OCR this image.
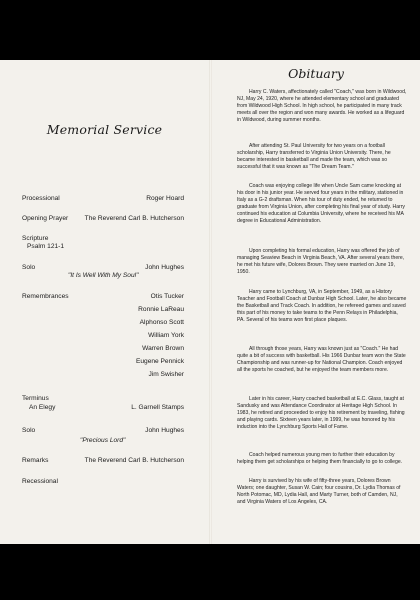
Memorial Service
Processional	Roger Hoard
Opening Prayer The Reverend Carl B. Hutcherson
Scripture
Psalm 121-1
Solo	John Hughes
"It Is Well With My Soul"
Remembrances	Otis Tucker
Ronnie LaReau
Alphonso Scott
William York
Warren Brown
Eugene Pennick
Jim Swisher
Terminus
An Elegy	L. Garnell Stamps
Solo	John Hughes
"Precious Lord"
Remarks	The Reverend Carl B. Hutcherson
Recessional
Obituary

Harry C. Waters, affectionately called "Coach," was born in Wildwood, NJ, May 24, 1920, where he attended elementary school and graduated from Wildwood High School. In high school, he participated in many track meets all over the region and won many awards. He worked as a lifeguard in Wildwood, during summer months.

After attending St. Paul University for two years on a football scholarship, Harry transferred to Virginia Union University. There, he became interested in basketball and made the team, which was so successful that it was known as "The Dream Team."

Coach was enjoying college life when Uncle Sam came knocking at his door in his junior year. He served four years in the military, stationed in Italy as a G-2 draftsman. When his tour of duty ended, he returned to graduate from Virginia Union, after completing his final year of study. Harry continued his education at Columbia University, where he received his MA degree in Educational Administration.

Upon completing his formal education, Harry was offered the job of managing Seaview Beach in Virginia Beach, VA. After several years there, he met his future wife, Dolores Brown. They were married on June 19, 1950.

Harry came to Lynchburg, VA, in September, 1949, as a History Teacher and Football Coach at Dunbar High School. Later, he also became the Basketball and Track Coach. In addition, he refereed games and saved this part of his money to take teams to the Penn Relays in Philadelphia, PA. Several of his teams won first place plaques.

All through those years, Harry was known just as "Coach." He had quite a bit of success with basketball. His 1966 Dunbar team won the State Championship and was runner-up for National Champion. Coach enjoyed all the sports he coached, but he enjoyed the team members more.

Later in his career, Harry coached basketball at E.C. Glass, taught at Sandusky and was Attendance Coordinator at Heritage High School. In 1983, he retired and proceeded to enjoy his retirement by traveling, fishing and playing cards. Sixteen years later, in 1999, he was honored by his induction into the Lynchburg Sports Hall of Fame.

Coach helped numerous young men to further their education by helping them get scholarships or helping them financially to go to college.

Harry is survived by his wife of fifty-three years, Dolores Brown Waters; one daughter, Susan W. Cain; four cousins, Dr. Lydia Thomas of North Potomac, MD, Lydia Hall, and Marty Turner, both of Camden, NJ, and Virginia Waters of Los Angeles, CA.
